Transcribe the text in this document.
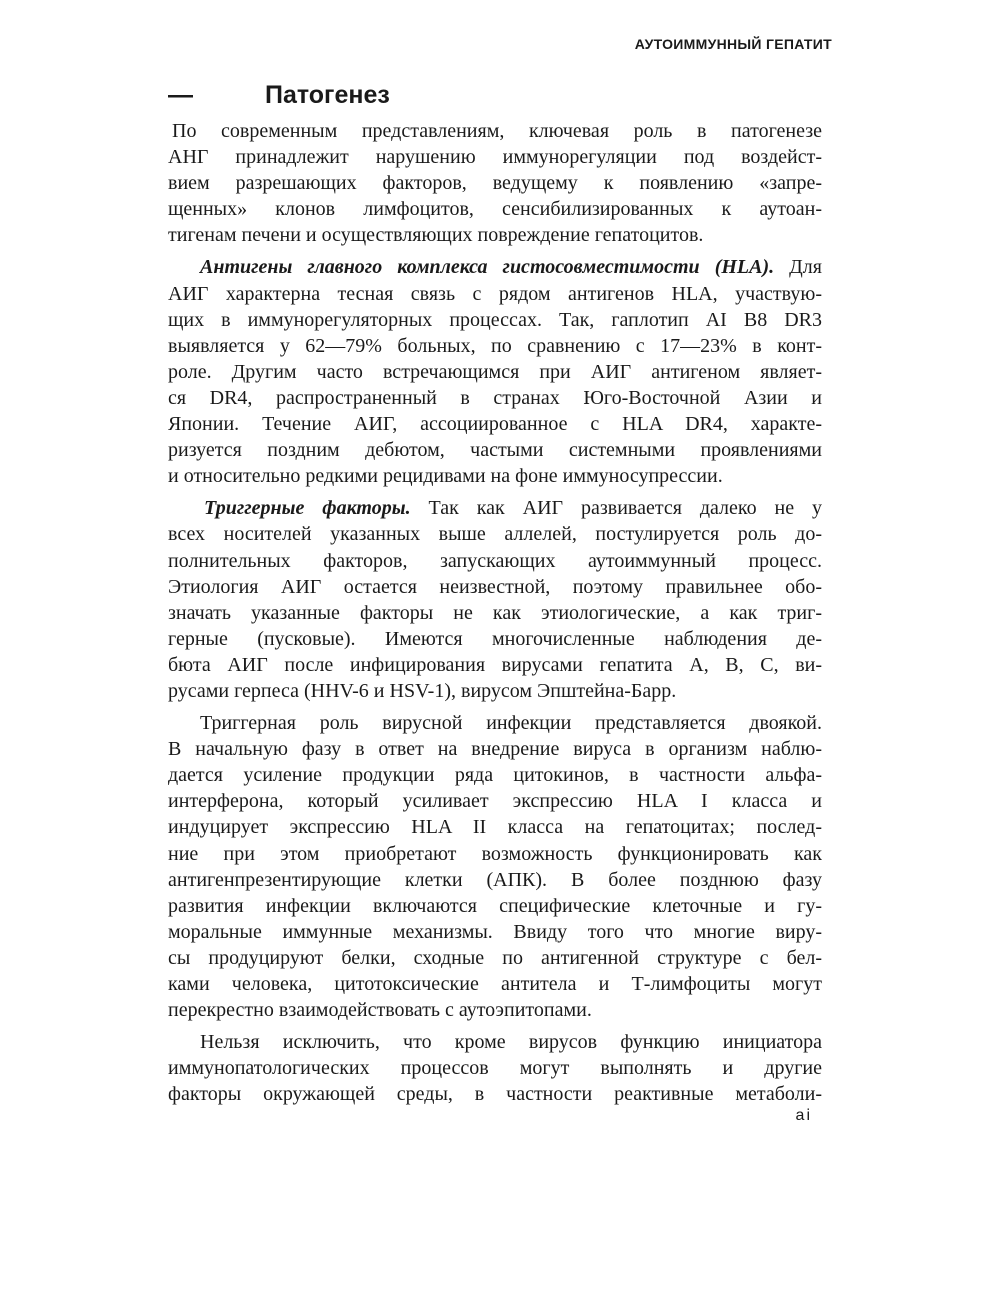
АУТОИММУННЫЙ ГЕПАТИТ
—	Патогенез

По современным представлениям, ключевая роль в патогенезе
АНГ принадлежит нарушению иммунорегуляции под воздейст-
вием разрешающих факторов, ведущему к появлению «запре-
щенных» клонов лимфоцитов, сенсибилизированных к аутоан-
тигенам печени и осуществляющих повреждение гепатоцитов.

Антигены главного комплекса гистосовместимости (HLA). Для
АИГ характерна тесная связь с рядом антигенов HLA, участвую-
щих в иммунорегуляторных процессах. Так, гаплотип AI B8 DR3
выявляется у 62—79% больных, по сравнению с 17—23% в конт-
роле. Другим часто встречающимся при АИГ антигеном являет-
ся DR4, распространенный в странах Юго-Восточной Азии и
Японии. Течение АИГ, ассоциированное с HLA DR4, характе-
ризуется поздним дебютом, частыми системными проявлениями
и относительно редкими рецидивами на фоне иммуносупрессии.

Триггерные факторы. Так как АИГ развивается далеко не у
всех носителей указанных выше аллелей, постулируется роль до-
полнительных факторов, запускающих аутоиммунный процесс.
Этиология АИГ остается неизвестной, поэтому правильнее обо-
значать указанные факторы не как этиологические, а как триг-
герные (пусковые). Имеются многочисленные наблюдения де-
бюта АИГ после инфицирования вирусами гепатита А, В, С, ви-
русами герпеса (HHV-6 и HSV-1), вирусом Эпштейна-Барр.

Триггерная роль вирусной инфекции представляется двоякой.
В начальную фазу в ответ на внедрение вируса в организм наблю-
дается усиление продукции ряда цитокинов, в частности альфа-
интерферона, который усиливает экспрессию HLA I класса и
индуцирует экспрессию HLA II класса на гепатоцитах; послед-
ние при этом приобретают возможность функционировать как
антигенпрезентирующие клетки (АПК). В более позднюю фазу
развития инфекции включаются специфические клеточные и гу-
моральные иммунные механизмы. Ввиду того что многие виру-
сы продуцируют белки, сходные по антигенной структуре с бел-
ками человека, цитотоксические антитела и Т-лимфоциты могут
перекрестно взаимодействовать с аутоэпитопами.

Нельзя исключить, что кроме вирусов функцию инициатора
иммунопатологических процессов могут выполнять и другие
факторы окружающей среды, в частности реактивные метаболи-

ai
